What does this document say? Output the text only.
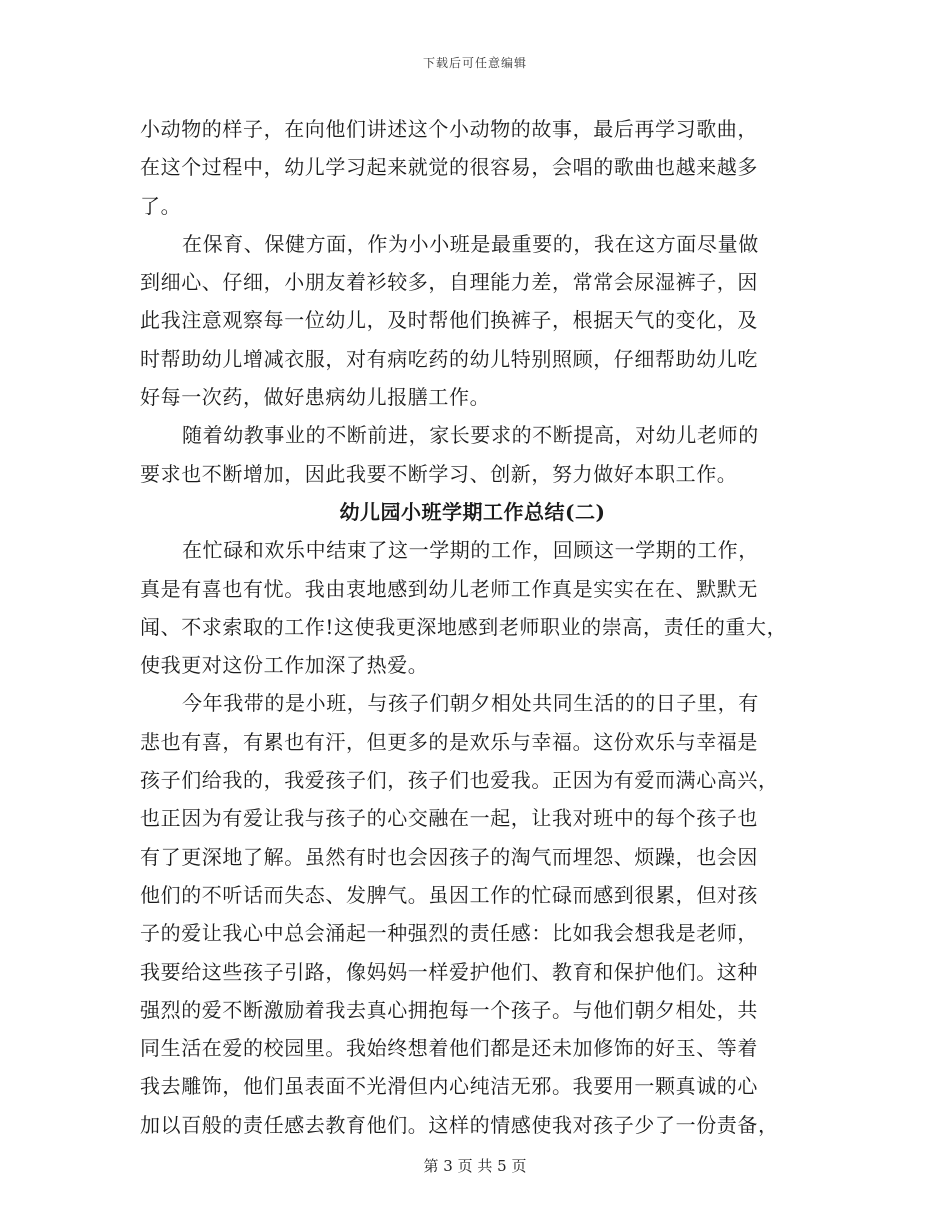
下载后可任意编辑
小动物的样子，在向他们讲述这个小动物的故事，最后再学习歌曲，
在这个过程中，幼儿学习起来就觉的很容易，会唱的歌曲也越来越多
了。
在保育、保健方面，作为小小班是最重要的，我在这方面尽量做
到细心、仔细，小朋友着衫较多，自理能力差，常常会尿湿裤子，因
此我注意观察每一位幼儿，及时帮他们换裤子，根据天气的变化，及
时帮助幼儿增减衣服，对有病吃药的幼儿特别照顾，仔细帮助幼儿吃
好每一次药，做好患病幼儿报膳工作。
随着幼教事业的不断前进，家长要求的不断提高，对幼儿老师的
要求也不断增加，因此我要不断学习、创新，努力做好本职工作。
幼儿园小班学期工作总结(二)
在忙碌和欢乐中结束了这一学期的工作，回顾这一学期的工作，
真是有喜也有忧。我由衷地感到幼儿老师工作真是实实在在、默默无
闻、不求索取的工作!这使我更深地感到老师职业的崇高，责任的重大，
使我更对这份工作加深了热爱。
今年我带的是小班，与孩子们朝夕相处共同生活的的日子里，有
悲也有喜，有累也有汗，但更多的是欢乐与幸福。这份欢乐与幸福是
孩子们给我的，我爱孩子们，孩子们也爱我。正因为有爱而满心高兴，
也正因为有爱让我与孩子的心交融在一起，让我对班中的每个孩子也
有了更深地了解。虽然有时也会因孩子的淘气而埋怨、烦躁，也会因
他们的不听话而失态、发脾气。虽因工作的忙碌而感到很累，但对孩
子的爱让我心中总会涌起一种强烈的责任感：比如我会想我是老师，
我要给这些孩子引路，像妈妈一样爱护他们、教育和保护他们。这种
强烈的爱不断激励着我去真心拥抱每一个孩子。与他们朝夕相处，共
同生活在爱的校园里。我始终想着他们都是还未加修饰的好玉、等着
我去雕饰，他们虽表面不光滑但内心纯洁无邪。我要用一颗真诚的心
加以百般的责任感去教育他们。这样的情感使我对孩子少了一份责备，
第 3 页 共 5 页
